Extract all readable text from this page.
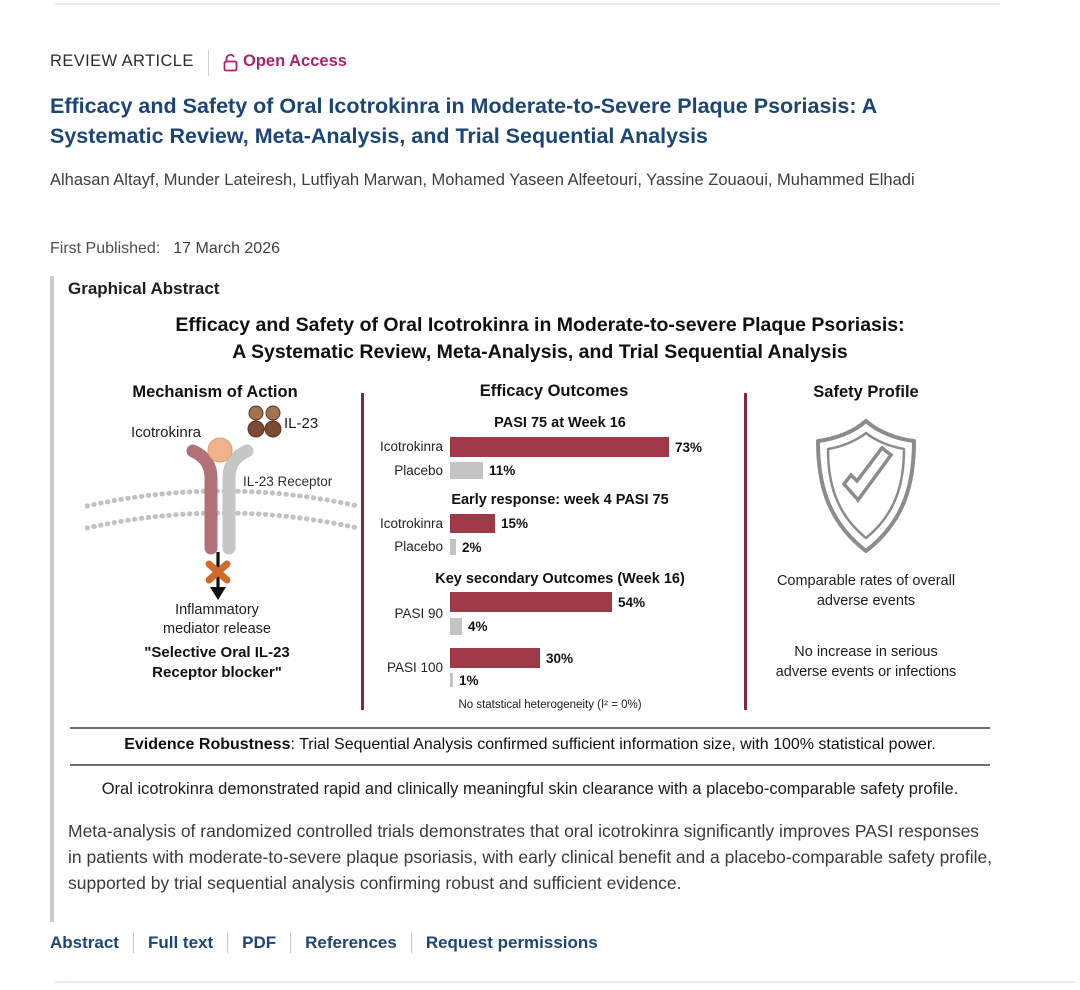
REVIEW ARTICLE	Open Access
Efficacy and Safety of Oral Icotrokinra in Moderate-to-Severe Plaque Psoriasis: A Systematic Review, Meta-Analysis, and Trial Sequential Analysis
Alhasan Altayf, Munder Lateiresh, Lutfiyah Marwan, Mohamed Yaseen Alfeetouri, Yassine Zouaoui, Muhammed Elhadi
First Published: 17 March 2026
Graphical Abstract
Efficacy and Safety of Oral Icotrokinra in Moderate-to-severe Plaque Psoriasis:
A Systematic Review, Meta-Analysis, and Trial Sequential Analysis
Mechanism of Action
IL-23
Icotrokinra
IL-23 Receptor
Inflammatory
mediator release
"Selective Oral IL-23
Receptor blocker"
Efficacy Outcomes
PASI 75 at Week 16
Icotrokinra	73%
Placebo	11%
Early response: week 4 PASI 75
Icotrokinra	15%
Placebo 2%
Key secondary Outcomes (Week 16)
PASI 90
54%
4%
PASI 100
30%
1%
No statstical heterogeneity (I² = 0%)
Safety Profile
Comparable rates of overall adverse events
No increase in serious adverse events or infections
Evidence Robustness: Trial Sequential Analysis confirmed sufficient information size, with 100% statistical power.
Oral icotrokinra demonstrated rapid and clinically meaningful skin clearance with a placebo-comparable safety profile.
Meta-analysis of randomized controlled trials demonstrates that oral icotrokinra significantly improves PASI responses in patients with moderate-to-severe plaque psoriasis, with early clinical benefit and a placebo-comparable safety profile, supported by trial sequential analysis confirming robust and sufficient evidence.
Abstract Full text PDF References Request permissions
